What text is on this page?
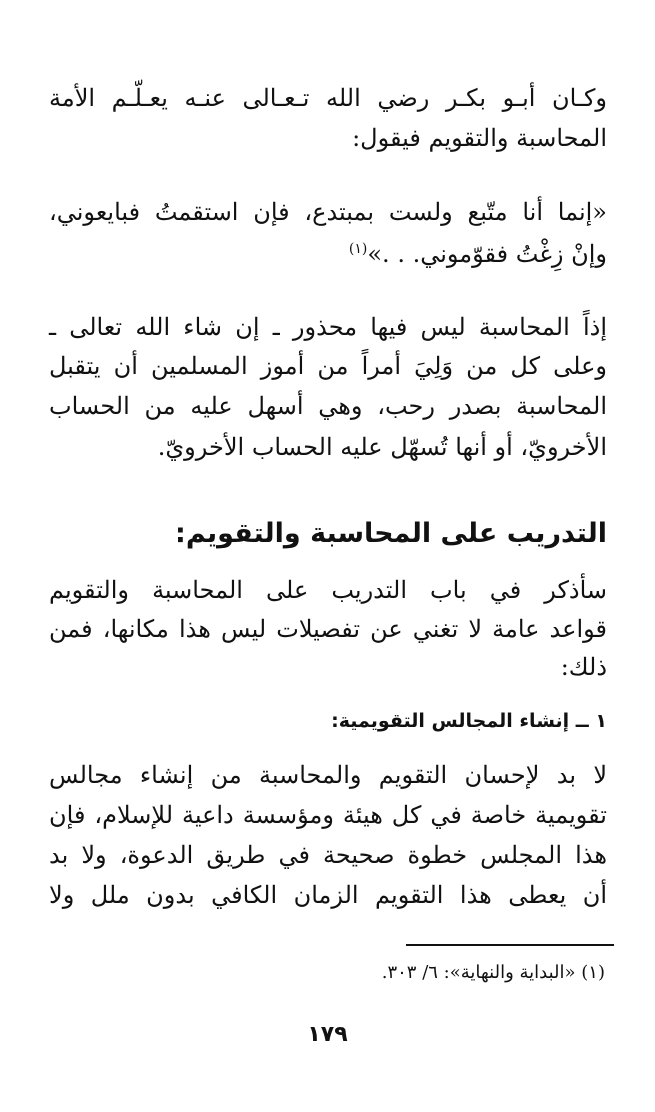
وكـان أبـو بكـر رضي الله تـعـالى عنـه يعـلّـم الأمة
المحاسبة والتقويم فيقول:
«إنما أنا متّبع ولست بمبتدع، فإن استقمتُ فبايعوني،
وإنْ زِغْتُ فقوّموني. . .»$^{(١)}$
إذاً المحاسبة ليس فيها محذور ـ إن شاء الله تعالى ـ
وعلى كل من وَلِيَ أمراً من أموز المسلمين أن يتقبل
المحاسبة بصدر رحب، وهي أسهل عليه من الحساب
الأخرويّ، أو أنها تُسهّل عليه الحساب الأخرويّ.
التدريب على المحاسبة والتقويم:
سأذكر في باب التدريب على المحاسبة والتقويم
قواعد عامة لا تغني عن تفصيلات ليس هذا مكانها، فمن
ذلك:
١ ــ إنشاء المجالس التقويمية:
لا بد لإحسان التقويم والمحاسبة من إنشاء مجالس
تقويمية خاصة في كل هيئة ومؤسسة داعية للإسلام، فإن
هذا المجلس خطوة صحيحة في طريق الدعوة، ولا بد
أن يعطى هذا التقويم الزمان الكافي بدون ملل ولا
(١) «البداية والنهاية»: ٦/ ٣٠٣.
١٧٩
